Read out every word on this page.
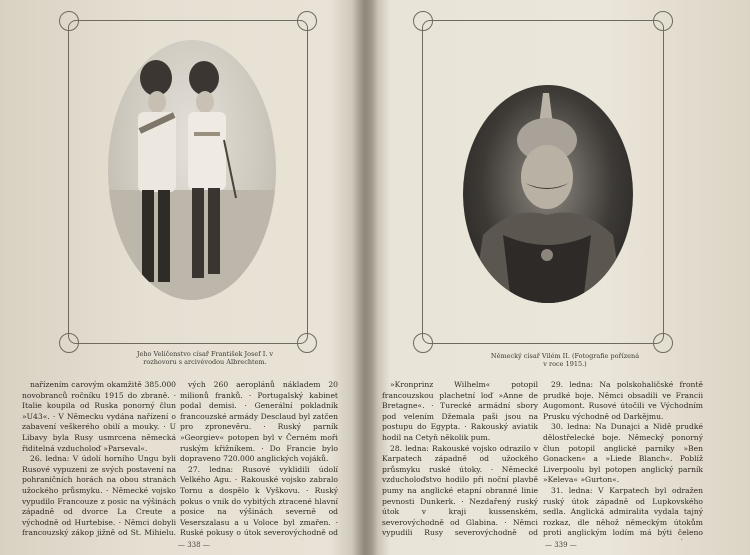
Jeho Veličenstvo císař František Josef I. v rozhovoru s arcivévodou Albrechtem.

nařízením carovým okamžitě 385.000 novobranců ročníku 1915 do zbraně. · Italie koupila od Ruska ponorný člun »U43«. · V Německu vydána nařízení o zabavení veškerého obilí a mouky. · U Libavy byla Rusy usmrcena německá řiditelná vzducholoď »Parseval«.

26. ledna: V údolí horního Ungu byli Rusové vypuzeni ze svých postavení na pohraničních horách na obou stranách užockého průsmyku. · Německé vojsko vypudilo Francouze z posic na výšinách západně od dvorce La Creute a východně od Hurtebise. · Němci dobyli francouzský zákop jižně od St. Mihielu.

vých 260 aeroplánů nákladem 20 milionů franků. · Portugalský kabinet podal demisi. · Generální pokladník francouzské armády Desclaud byl zatčen pro zpronevěru. · Ruský parník »Georgiev« potopen byl v Černém moři ruským křižníkem. · Do Francie bylo dopraveno 720.000 anglických vojáků.

27. ledna: Rusové vyklidili údolí Velkého Agu. · Rakouské vojsko zabralo Tornu a dospělo k Vyškovu. · Ruský pokus o vnik do vybitých ztracené hlavní posice na výšinách severně od Veserszalasu a u Voloce byl zmařen. · Ruské pokusy o útok severovýchodně od

— 338 —
Německý císař Vilém II. (Fotografie pořízená v roce 1915.)

»Kronprinz Wilhelm« potopil francouzskou plachetní loď »Anne de Bretagne«. · Turecké armádní sbory pod velením Džemala paši jsou na postupu do Egypta. · Rakouský aviatik hodil na Cetyň několik pum.

28. ledna: Rakouské vojsko odrazilo v Karpatech západně od užockého průsmyku ruské útoky. · Německé vzducholoďstvo hodilo při noční plavbě pumy na anglické etapní obranné linie pevnosti Dunkerk. · Nezdařený ruský útok v kraji kussenském, severovýchodně od Glabina. · Němci vypudili Rusy severovýchodně od

29. ledna: Na polskohaličské frontě prudké boje. Němci obsadili ve Francii Augomont. Rusové útočili ve Východním Prusku východně od Darkějmu.

30. ledna: Na Dunajci a Nidě prudké dělostřelecké boje. Německý ponorný člun potopil anglické parníky »Ben Gonacken« a »Liede Blanch«. Poblíž Liverpoolu byl potopen anglický parník »Keleva« »Gurton«.

31. ledna: V Karpatech byl odražen ruský útok západně od Lupkovského sedla. Anglická admiralita vydala tajný rozkaz, dle něhož německým útokům proti anglickým lodím má býti čeleno

— 339 —
